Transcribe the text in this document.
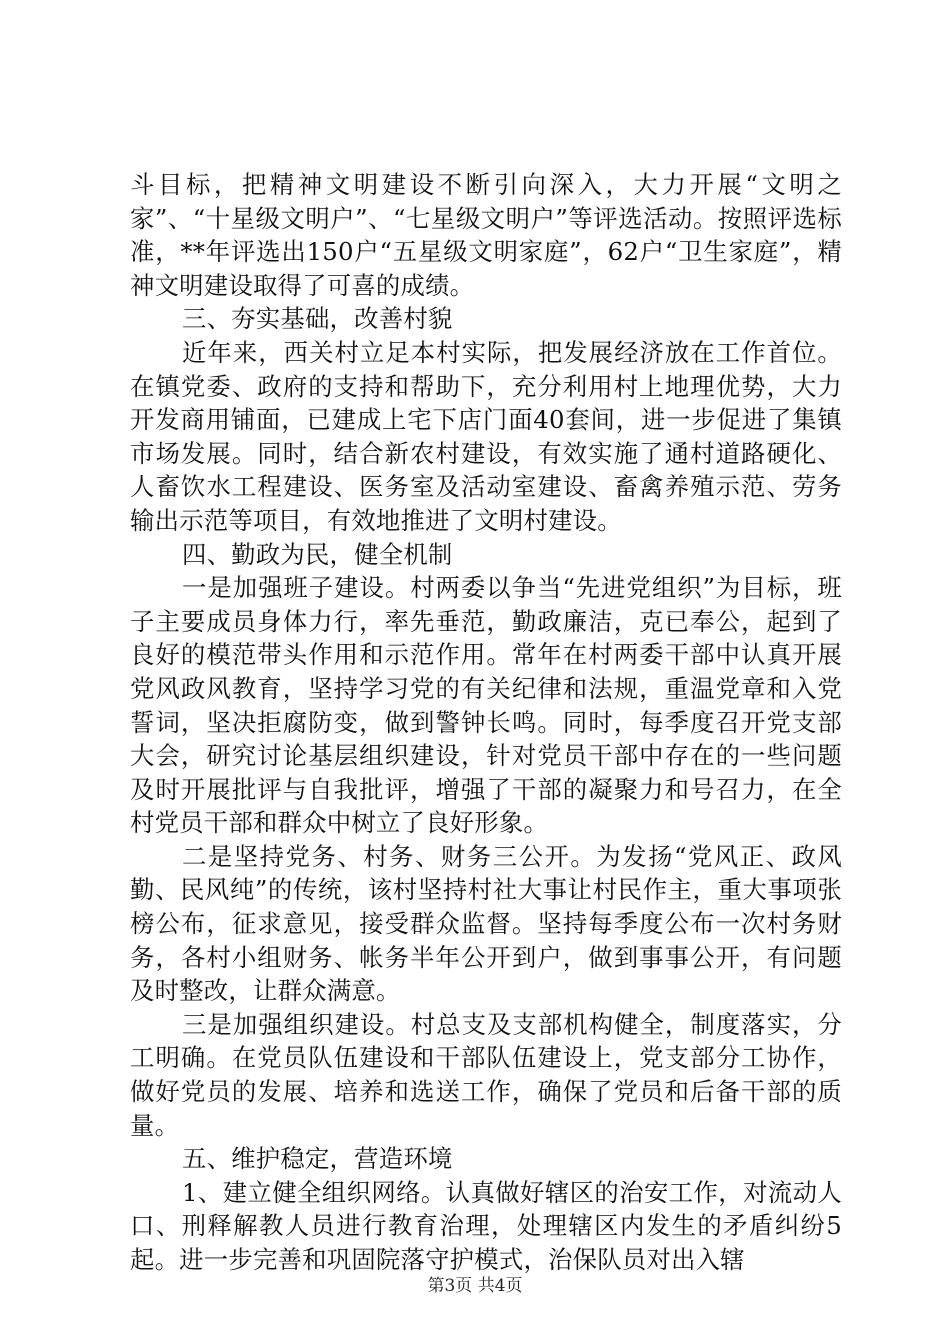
斗目标，把精神文明建设不断引向深入，大力开展“文明之家”、“十星级文明户”、“七星级文明户”等评选活动。按照评选标准，**年评选出150户“五星级文明家庭”，62户“卫生家庭”，精神文明建设取得了可喜的成绩。

三、夯实基础，改善村貌

近年来，西关村立足本村实际，把发展经济放在工作首位。在镇党委、政府的支持和帮助下，充分利用村上地理优势，大力开发商用铺面，已建成上宅下店门面40套间，进一步促进了集镇市场发展。同时，结合新农村建设，有效实施了通村道路硬化、人畜饮水工程建设、医务室及活动室建设、畜禽养殖示范、劳务输出示范等项目，有效地推进了文明村建设。

四、勤政为民，健全机制

一是加强班子建设。村两委以争当“先进党组织”为目标，班子主要成员身体力行，率先垂范，勤政廉洁，克已奉公，起到了良好的模范带头作用和示范作用。常年在村两委干部中认真开展党风政风教育，坚持学习党的有关纪律和法规，重温党章和入党誓词，坚决拒腐防变，做到警钟长鸣。同时，每季度召开党支部大会，研究讨论基层组织建设，针对党员干部中存在的一些问题及时开展批评与自我批评，增强了干部的凝聚力和号召力，在全村党员干部和群众中树立了良好形象。

二是坚持党务、村务、财务三公开。为发扬“党风正、政风勤、民风纯”的传统，该村坚持村社大事让村民作主，重大事项张榜公布，征求意见，接受群众监督。坚持每季度公布一次村务财务，各村小组财务、帐务半年公开到户，做到事事公开，有问题及时整改，让群众满意。

三是加强组织建设。村总支及支部机构健全，制度落实，分工明确。在党员队伍建设和干部队伍建设上，党支部分工协作，做好党员的发展、培养和选送工作，确保了党员和后备干部的质量。

五、维护稳定，营造环境

1、建立健全组织网络。认真做好辖区的治安工作，对流动人口、刑释解教人员进行教育治理，处理辖区内发生的矛盾纠纷5起。进一步完善和巩固院落守护模式，治保队员对出入辖

第3页 共4页
